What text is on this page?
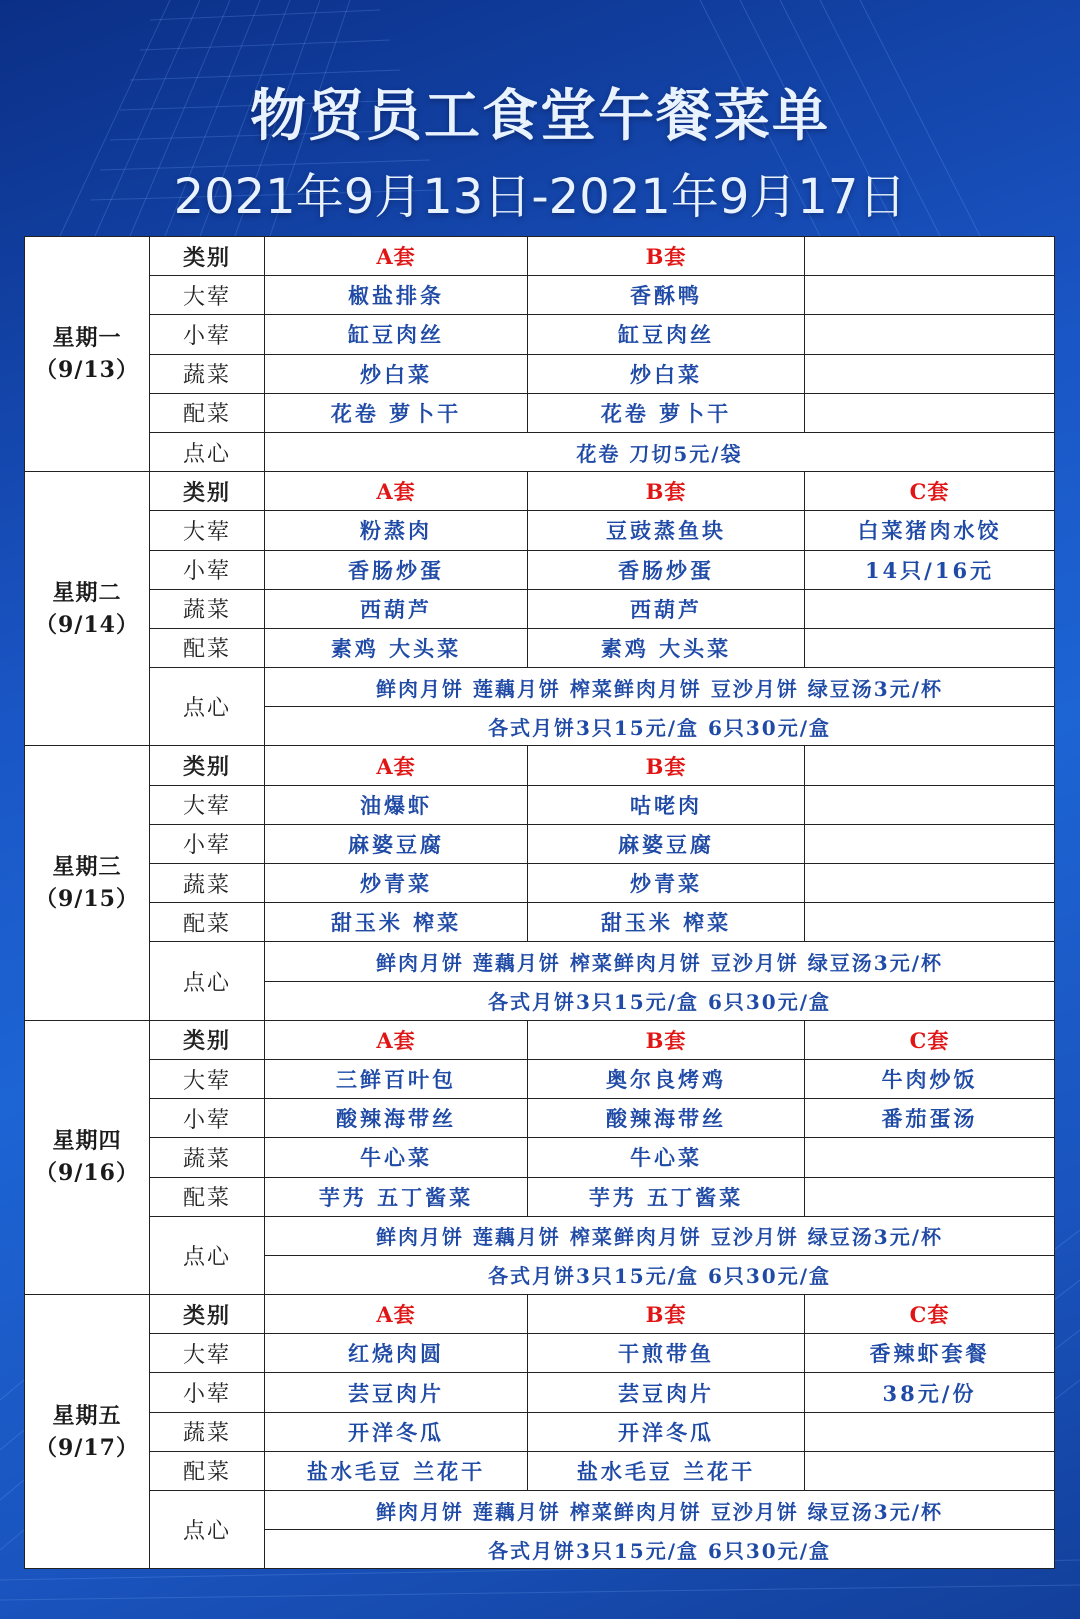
物贸员工食堂午餐菜单
2021年9月13日-2021年9月17日
星期一
（9/13）	类别	A套	B套	
	大荤	椒盐排条	香酥鸭	
	小荤	缸豆肉丝	缸豆肉丝	
	蔬菜	炒白菜	炒白菜	
	配菜	花卷 萝卜干	花卷 萝卜干	
	点心	花卷 刀切5元/袋		

星期二
（9/14）	类别	A套	B套	C套
	大荤	粉蒸肉	豆豉蒸鱼块	白菜猪肉水饺
	小荤	香肠炒蛋	香肠炒蛋	14只/16元
	蔬菜	西葫芦	西葫芦	
	配菜	素鸡 大头菜	素鸡 大头菜	
	点心	鲜肉月饼 莲藕月饼 榨菜鲜肉月饼 豆沙月饼 绿豆汤3元/杯		
		各式月饼3只15元/盒 6只30元/盒		

星期三
（9/15）	类别	A套	B套	
	大荤	油爆虾	咕咾肉	
	小荤	麻婆豆腐	麻婆豆腐	
	蔬菜	炒青菜	炒青菜	
	配菜	甜玉米 榨菜	甜玉米 榨菜	
	点心	鲜肉月饼 莲藕月饼 榨菜鲜肉月饼 豆沙月饼 绿豆汤3元/杯		
		各式月饼3只15元/盒 6只30元/盒		

星期四
（9/16）	类别	A套	B套	C套
	大荤	三鲜百叶包	奥尔良烤鸡	牛肉炒饭
	小荤	酸辣海带丝	酸辣海带丝	番茄蛋汤
	蔬菜	牛心菜	牛心菜	
	配菜	芋艿 五丁酱菜	芋艿 五丁酱菜	
	点心	鲜肉月饼 莲藕月饼 榨菜鲜肉月饼 豆沙月饼 绿豆汤3元/杯		
		各式月饼3只15元/盒 6只30元/盒		

星期五
（9/17）	类别	A套	B套	C套
	大荤	红烧肉圆	干煎带鱼	香辣虾套餐
	小荤	芸豆肉片	芸豆肉片	38元/份
	蔬菜	开洋冬瓜	开洋冬瓜	
	配菜	盐水毛豆 兰花干	盐水毛豆 兰花干	
	点心	鲜肉月饼 莲藕月饼 榨菜鲜肉月饼 豆沙月饼 绿豆汤3元/杯		
		各式月饼3只15元/盒 6只30元/盒		
